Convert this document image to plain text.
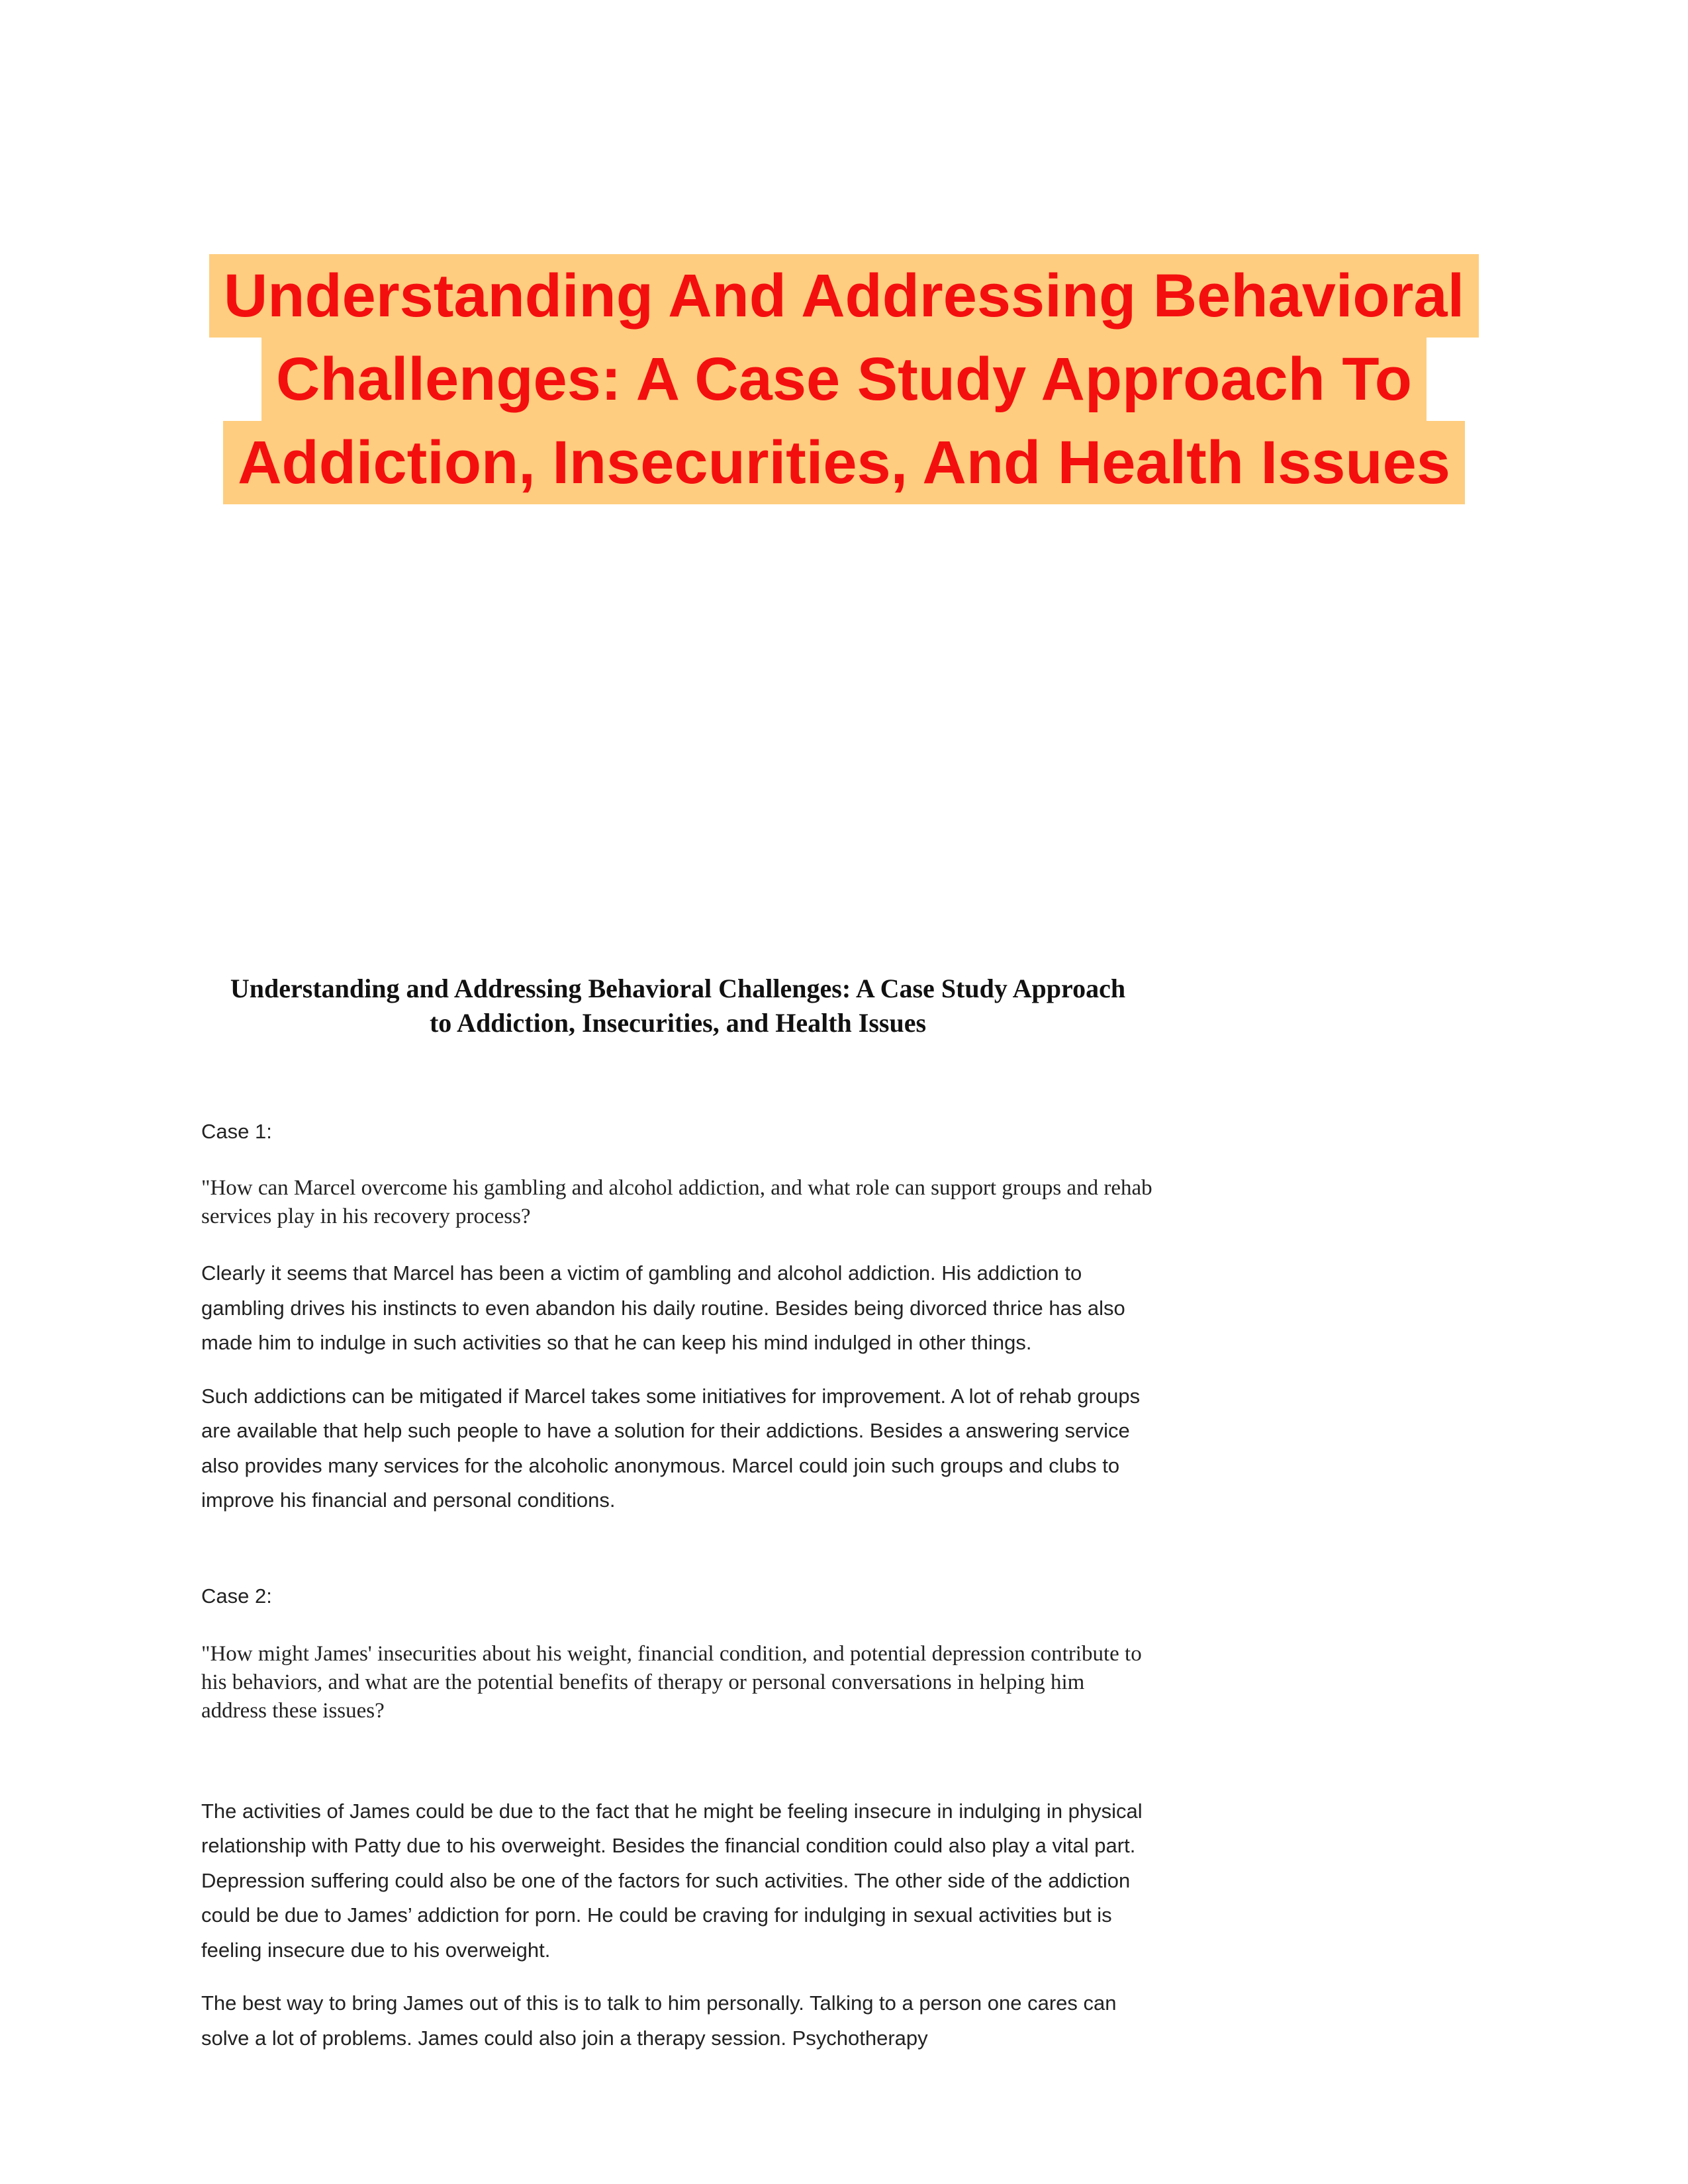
Understanding And Addressing Behavioral
Challenges: A Case Study Approach To
Addiction, Insecurities, And Health Issues
Understanding and Addressing Behavioral Challenges: A Case Study Approach to Addiction, Insecurities, and Health Issues

Case 1:

"How can Marcel overcome his gambling and alcohol addiction, and what role can support groups and rehab services play in his recovery process?

Clearly it seems that Marcel has been a victim of gambling and alcohol addiction. His addiction to gambling drives his instincts to even abandon his daily routine. Besides being divorced thrice has also made him to indulge in such activities so that he can keep his mind indulged in other things.

Such addictions can be mitigated if Marcel takes some initiatives for improvement. A lot of rehab groups are available that help such people to have a solution for their addictions. Besides a answering service also provides many services for the alcoholic anonymous. Marcel could join such groups and clubs to improve his financial and personal conditions.

Case 2:

"How might James' insecurities about his weight, financial condition, and potential depression contribute to his behaviors, and what are the potential benefits of therapy or personal conversations in helping him address these issues?

The activities of James could be due to the fact that he might be feeling insecure in indulging in physical relationship with Patty due to his overweight. Besides the financial condition could also play a vital part. Depression suffering could also be one of the factors for such activities. The other side of the addiction could be due to James’ addiction for porn. He could be craving for indulging in sexual activities but is feeling insecure due to his overweight.

The best way to bring James out of this is to talk to him personally. Talking to a person one cares can solve a lot of problems. James could also join a therapy session. Psychotherapy
